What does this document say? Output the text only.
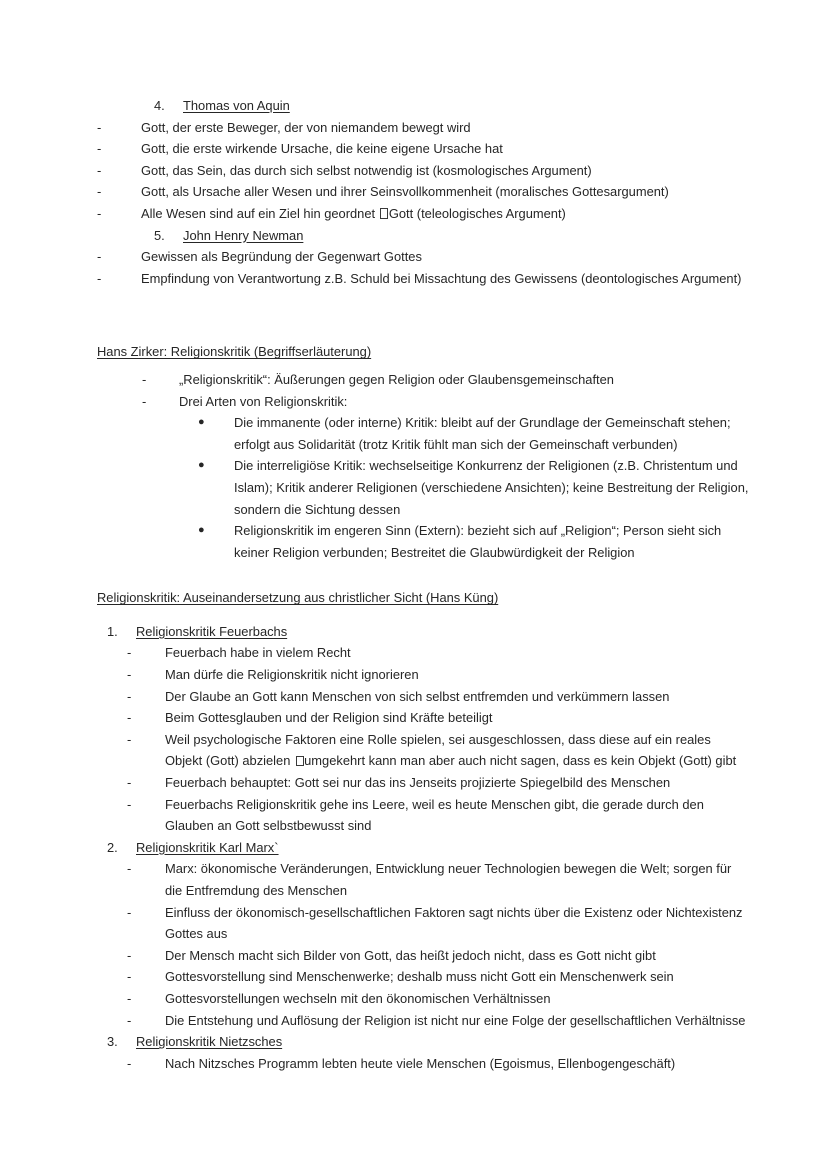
4.	Thomas von Aquin
-	Gott, der erste Beweger, der von niemandem bewegt wird
-	Gott, die erste wirkende Ursache, die keine eigene Ursache hat
-	Gott, das Sein, das durch sich selbst notwendig ist (kosmologisches Argument)
-	Gott, als Ursache aller Wesen und ihrer Seinsvollkommenheit (moralisches Gottesargument)
-	Alle Wesen sind auf ein Ziel hin geordnet Gott (teleologisches Argument)
5.	John Henry Newman
-	Gewissen als Begründung der Gegenwart Gottes
-	Empfindung von Verantwortung z.B. Schuld bei Missachtung des Gewissens (deontologisches Argument)
Hans Zirker: Religionskritik (Begriffserläuterung)
-	„Religionskritik“: Äußerungen gegen Religion oder Glaubensgemeinschaften
-	Drei Arten von Religionskritik:
●	Die immanente (oder interne) Kritik: bleibt auf der Grundlage der Gemeinschaft stehen; erfolgt aus Solidarität (trotz Kritik fühlt man sich der Gemeinschaft verbunden)
●	Die interreligiöse Kritik: wechselseitige Konkurrenz der Religionen (z.B. Christentum und Islam); Kritik anderer Religionen (verschiedene Ansichten); keine Bestreitung der Religion, sondern die Sichtung dessen
●	Religionskritik im engeren Sinn (Extern): bezieht sich auf „Religion“; Person sieht sich keiner Religion verbunden; Bestreitet die Glaubwürdigkeit der Religion
Religionskritik: Auseinandersetzung aus christlicher Sicht (Hans Küng)
1.	Religionskritik Feuerbachs
-	Feuerbach habe in vielem Recht
-	Man dürfe die Religionskritik nicht ignorieren
-	Der Glaube an Gott kann Menschen von sich selbst entfremden und verkümmern lassen
-	Beim Gottesglauben und der Religion sind Kräfte beteiligt
-	Weil psychologische Faktoren eine Rolle spielen, sei ausgeschlossen, dass diese auf ein reales Objekt (Gott) abzielen umgekehrt kann man aber auch nicht sagen, dass es kein Objekt (Gott) gibt
-	Feuerbach behauptet: Gott sei nur das ins Jenseits projizierte Spiegelbild des Menschen
-	Feuerbachs Religionskritik gehe ins Leere, weil es heute Menschen gibt, die gerade durch den Glauben an Gott selbstbewusst sind
2.	Religionskritik Karl Marx`
-	Marx: ökonomische Veränderungen, Entwicklung neuer Technologien bewegen die Welt; sorgen für die Entfremdung des Menschen
-	Einfluss der ökonomisch-gesellschaftlichen Faktoren sagt nichts über die Existenz oder Nichtexistenz Gottes aus
-	Der Mensch macht sich Bilder von Gott, das heißt jedoch nicht, dass es Gott nicht gibt
-	Gottesvorstellung sind Menschenwerke; deshalb muss nicht Gott ein Menschenwerk sein
-	Gottesvorstellungen wechseln mit den ökonomischen Verhältnissen
-	Die Entstehung und Auflösung der Religion ist nicht nur eine Folge der gesellschaftlichen Verhältnisse
3.	Religionskritik Nietzsches
-	Nach Nitzsches Programm lebten heute viele Menschen (Egoismus, Ellenbogengeschäft)
